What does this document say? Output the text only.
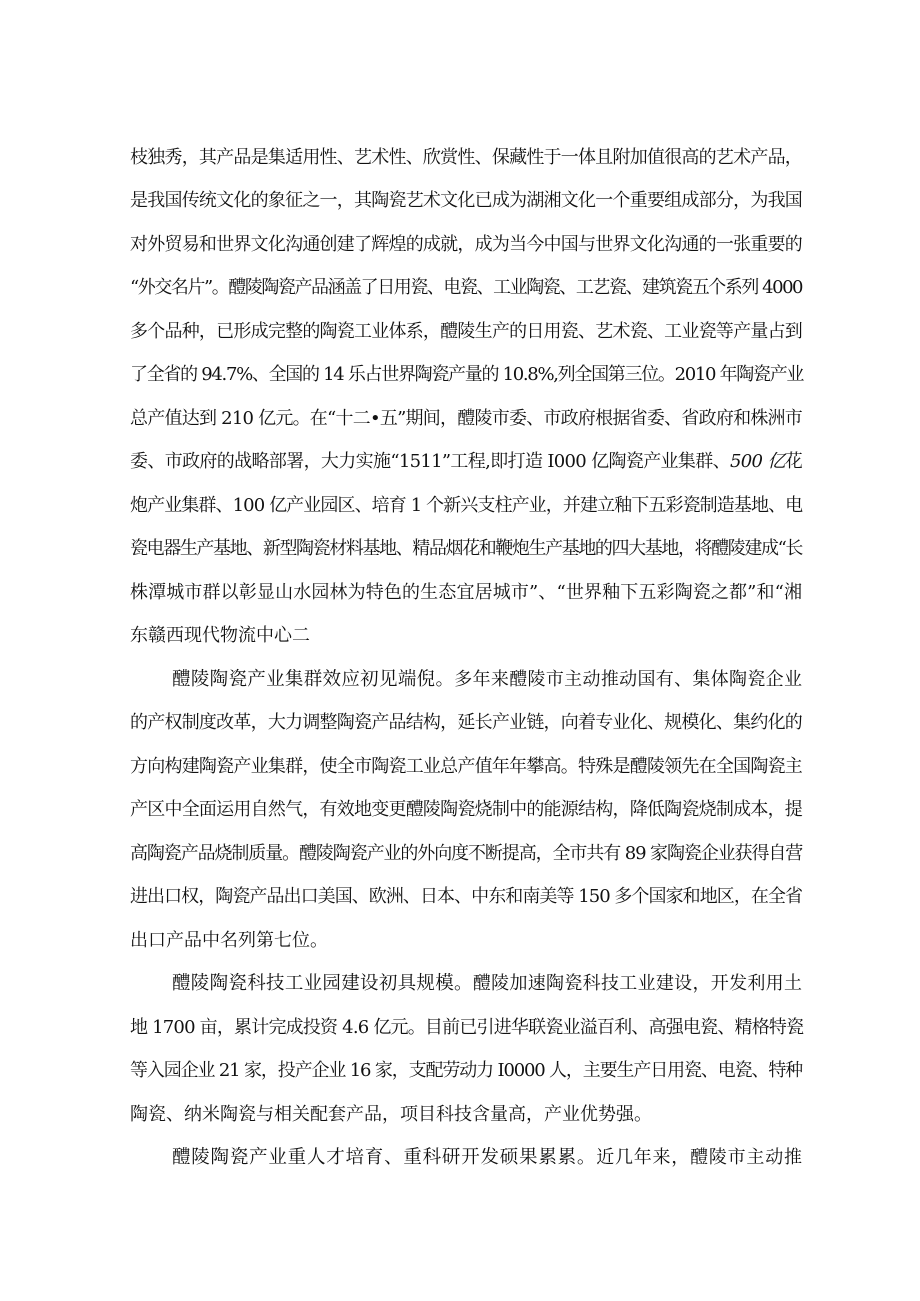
枝独秀，其产品是集适用性、艺术性、欣赏性、保藏性于一体且附加值很高的艺术产品，
是我国传统文化的象征之一，其陶瓷艺术文化已成为湖湘文化一个重要组成部分，为我国
对外贸易和世界文化沟通创建了辉煌的成就，成为当今中国与世界文化沟通的一张重要的
“外交名片”。醴陵陶瓷产品涵盖了日用瓷、电瓷、工业陶瓷、工艺瓷、建筑瓷五个系列 4000
多个品种，已形成完整的陶瓷工业体系，醴陵生产的日用瓷、艺术瓷、工业瓷等产量占到
了全省的 94.7%、全国的 14 乐占世界陶瓷产量的 10.8%,列全国第三位。2010 年陶瓷产业
总产值达到 210 亿元。在“十二•五”期间，醴陵市委、市政府根据省委、省政府和株洲市
委、市政府的战略部署，大力实施“1511”工程,即打造 I000 亿陶瓷产业集群、500 亿花
炮产业集群、100 亿产业园区、培育 1 个新兴支柱产业，并建立釉下五彩瓷制造基地、电
瓷电器生产基地、新型陶瓷材料基地、精品烟花和鞭炮生产基地的四大基地，将醴陵建成“长
株潭城市群以彰显山水园林为特色的生态宜居城市”、“世界釉下五彩陶瓷之都”和“湘
东赣西现代物流中心二
醴陵陶瓷产业集群效应初见端倪。多年来醴陵市主动推动国有、集体陶瓷企业
的产权制度改革，大力调整陶瓷产品结构，延长产业链，向着专业化、规模化、集约化的
方向构建陶瓷产业集群，使全市陶瓷工业总产值年年攀高。特殊是醴陵领先在全国陶瓷主
产区中全面运用自然气，有效地变更醴陵陶瓷烧制中的能源结构，降低陶瓷烧制成本，提
高陶瓷产品烧制质量。醴陵陶瓷产业的外向度不断提高，全市共有 89 家陶瓷企业获得自营
进出口权，陶瓷产品出口美国、欧洲、日本、中东和南美等 150 多个国家和地区，在全省
出口产品中名列第七位。
醴陵陶瓷科技工业园建设初具规模。醴陵加速陶瓷科技工业建设，开发利用土
地 1700 亩，累计完成投资 4.6 亿元。目前已引进华联瓷业溢百利、高强电瓷、精格特瓷
等入园企业 21 家，投产企业 16 家，支配劳动力 I0000 人，主要生产日用瓷、电瓷、特种
陶瓷、纳米陶瓷与相关配套产品，项目科技含量高，产业优势强。
醴陵陶瓷产业重人才培育、重科研开发硕果累累。近几年来，醴陵市主动推
